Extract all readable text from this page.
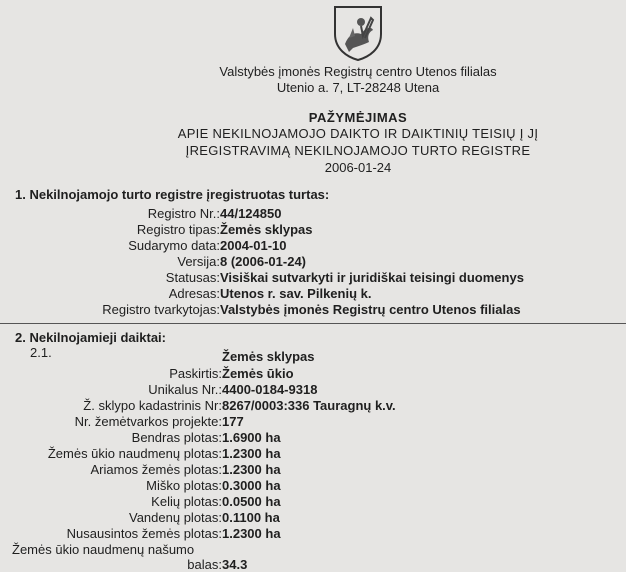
Valstybės įmonės Registrų centro Utenos filialas
Utenio a. 7, LT-28248 Utena
PAŽYMĖJIMAS
APIE NEKILNOJAMOJO DAIKTO IR DAIKTINIŲ TEISIŲ Į JĮ
ĮREGISTRAVIMĄ NEKILNOJAMOJO TURTO REGISTRE
2006-01-24
1. Nekilnojamojo turto registre įregistruotas turtas:
Registro Nr.:44/124850
Registro tipas:Žemės sklypas
Sudarymo data:2004-01-10
Versija:8 (2006-01-24)
Statusas:Visiškai sutvarkyti ir juridiškai teisingi duomenys
Adresas:Utenos r. sav. Pilkenių k.
Registro tvarkytojas:Valstybės įmonės Registrų centro Utenos filialas
2. Nekilnojamieji daiktai:
2.1.	Žemės sklypas
Paskirtis:Žemės ūkio
Unikalus Nr.:4400-0184-9318
Ž. sklypo kadastrinis Nr:8267/0003:336 Tauragnų k.v.
Nr. žemėtvarkos projekte:177
Bendras plotas:1.6900 ha
Žemės ūkio naudmenų plotas:1.2300 ha
Ariamos žemės plotas:1.2300 ha
Miško plotas:0.3000 ha
Kelių plotas:0.0500 ha
Vandenų plotas:0.1100 ha
Nusausintos žemės plotas:1.2300 ha
Žemės ūkio naudmenų našumo
balas:34.3
